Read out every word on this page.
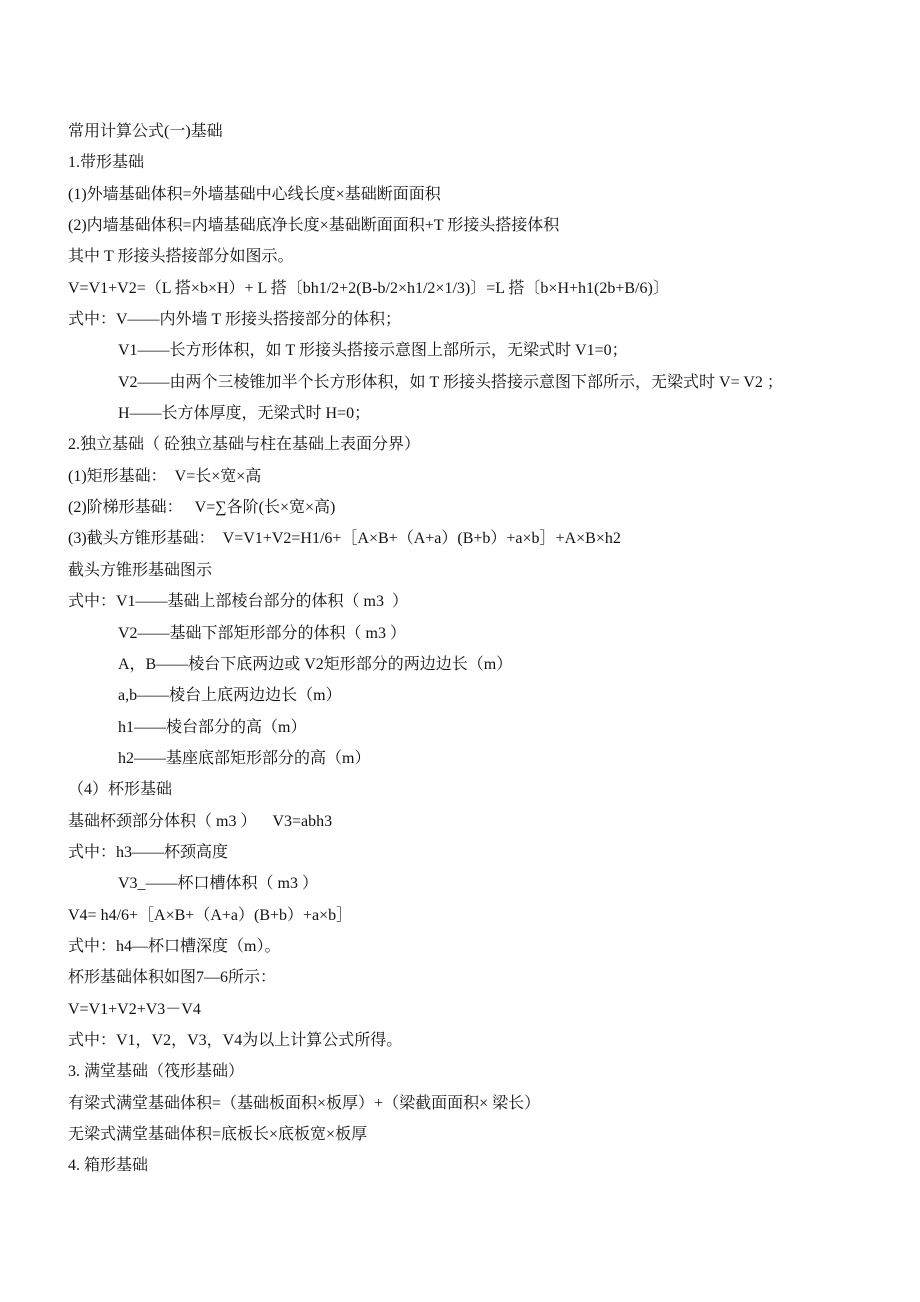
常用计算公式(一)基础
1.带形基础
(1)外墙基础体积=外墙基础中心线长度×基础断面面积
(2)内墙基础体积=内墙基础底净长度×基础断面面积+T 形接头搭接体积
其中 T 形接头搭接部分如图示。
V=V1+V2=（L 搭×b×H）+ L 搭〔bh1/2+2(B-b/2×h1/2×1/3)〕=L 搭〔b×H+h1(2b+B/6)〕
式中：V——内外墙 T 形接头搭接部分的体积；
V1——长方形体积，如 T 形接头搭接示意图上部所示，无梁式时 V1=0；
V2——由两个三棱锥加半个长方形体积，如 T 形接头搭接示意图下部所示，无梁式时 V= V2 ；
H——长方体厚度，无梁式时 H=0；
2.独立基础（ 砼独立基础与柱在基础上表面分界）
(1)矩形基础：  V=长×宽×高
(2)阶梯形基础：   V=∑各阶(长×宽×高)
(3)截头方锥形基础：  V=V1+V2=H1/6+［A×B+（A+a）(B+b）+a×b］+A×B×h2
截头方锥形基础图示
式中：V1——基础上部棱台部分的体积（ m3  ）
V2——基础下部矩形部分的体积（ m3 ）
A，B——棱台下底两边或 V2矩形部分的两边边长（m）
a,b——棱台上底两边边长（m）
h1——棱台部分的高（m）
h2——基座底部矩形部分的高（m）
（4）杯形基础
基础杯颈部分体积（ m3 ）    V3=abh3
式中：h3——杯颈高度
V3_——杯口槽体积（ m3 ）
V4= h4/6+［A×B+（A+a）(B+b）+a×b］
式中：h4—杯口槽深度（m）。
杯形基础体积如图7—6所示：
V=V1+V2+V3－V4
式中：V1，V2，V3，V4为以上计算公式所得。
3. 满堂基础（筏形基础）
有梁式满堂基础体积=（基础板面积×板厚）+（梁截面面积× 梁长）
无梁式满堂基础体积=底板长×底板宽×板厚
4. 箱形基础
